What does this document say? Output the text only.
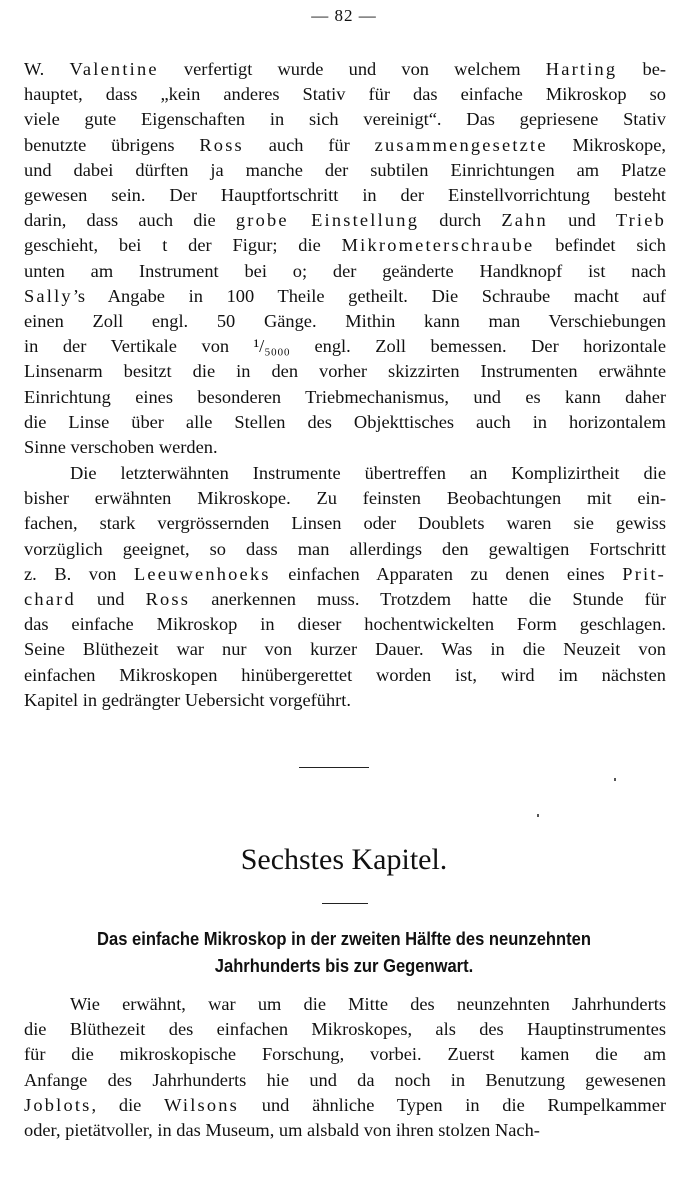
— 82 —
W. Valentine verfertigt wurde und von welchem Harting be-
hauptet, dass „kein anderes Stativ für das einfache Mikroskop so
viele gute Eigenschaften in sich vereinigt“. Das gepriesene Stativ
benutzte übrigens Ross auch für zusammengesetzte Mikroskope,
und dabei dürften ja manche der subtilen Einrichtungen am Platze
gewesen sein. Der Hauptfortschritt in der Einstellvorrichtung besteht
darin, dass auch die grobe Einstellung durch Zahn und Trieb
geschieht, bei t der Figur; die Mikrometerschraube befindet sich
unten am Instrument bei o; der geänderte Handknopf ist nach
Sally’s Angabe in 100 Theile getheilt. Die Schraube macht auf
einen Zoll engl. 50 Gänge. Mithin kann man Verschiebungen
in der Vertikale von ¹/₅₀₀₀ engl. Zoll bemessen. Der horizontale
Linsenarm besitzt die in den vorher skizzirten Instrumenten erwähnte
Einrichtung eines besonderen Triebmechanismus, und es kann daher
die Linse über alle Stellen des Objekttisches auch in horizontalem
Sinne verschoben werden.
Die letzterwähnten Instrumente übertreffen an Komplizirtheit die
bisher erwähnten Mikroskope. Zu feinsten Beobachtungen mit ein-
fachen, stark vergrössernden Linsen oder Doublets waren sie gewiss
vorzüglich geeignet, so dass man allerdings den gewaltigen Fortschritt
z. B. von Leeuwenhoeks einfachen Apparaten zu denen eines Prit-
chard und Ross anerkennen muss. Trotzdem hatte die Stunde für
das einfache Mikroskop in dieser hochentwickelten Form geschlagen.
Seine Blüthezeit war nur von kurzer Dauer. Was in die Neuzeit von
einfachen Mikroskopen hinübergerettet worden ist, wird im nächsten
Kapitel in gedrängter Uebersicht vorgeführt.
Sechstes Kapitel.
Das einfache Mikroskop in der zweiten Hälfte des neunzehnten
Jahrhunderts bis zur Gegenwart.
Wie erwähnt, war um die Mitte des neunzehnten Jahrhunderts
die Blüthezeit des einfachen Mikroskopes, als des Hauptinstrumentes
für die mikroskopische Forschung, vorbei. Zuerst kamen die am
Anfange des Jahrhunderts hie und da noch in Benutzung gewesenen
Joblots, die Wilsons und ähnliche Typen in die Rumpelkammer
oder, pietätvoller, in das Museum, um alsbald von ihren stolzen Nach-
